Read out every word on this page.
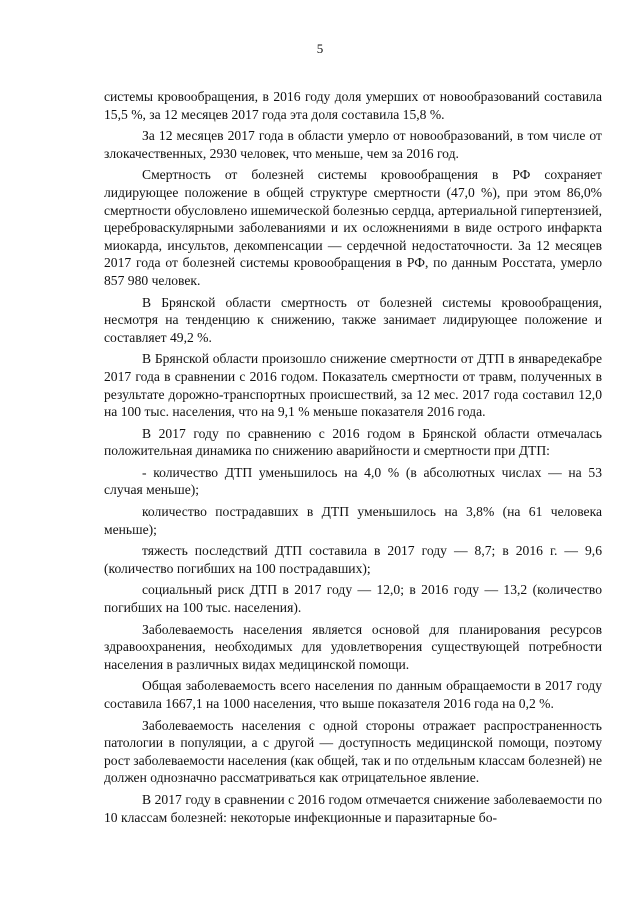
5

системы кровообращения, в 2016 году доля умерших от новообразований составила 15,5 %, за 12 месяцев 2017 года эта доля составила 15,8 %.

За 12 месяцев 2017 года в области умерло от новообразований, в том числе от злокачественных, 2930 человек, что меньше, чем за 2016 год.

Смертность от болезней системы кровообращения в РФ сохраняет лидирующее положение в общей структуре смертности (47,0 %), при этом 86,0% смертности обусловлено ишемической болезнью сердца, артериальной гипертензией, цереброваскулярными заболеваниями и их осложнениями в виде острого инфаркта миокарда, инсультов, декомпенсации — сердечной недостаточности. За 12 месяцев 2017 года от болезней системы кровообращения в РФ, по данным Росстата, умерло 857 980 человек.

В Брянской области смертность от болезней системы кровообращения, несмотря на тенденцию к снижению, также занимает лидирующее положение и составляет 49,2 %.

В Брянской области произошло снижение смертности от ДТП в январедекабре 2017 года в сравнении с 2016 годом. Показатель смертности от травм, полученных в результате дорожно-транспортных происшествий, за 12 мес. 2017 года составил 12,0 на 100 тыс. населения, что на 9,1 % меньше показателя 2016 года.

В 2017 году по сравнению с 2016 годом в Брянской области отмечалась положительная динамика по снижению аварийности и смертности при ДТП:

- количество ДТП уменьшилось на 4,0 % (в абсолютных числах — на 53 случая меньше);

количество пострадавших в ДТП уменьшилось на 3,8% (на 61 человека меньше);

тяжесть последствий ДТП составила в 2017 году — 8,7; в 2016 г. — 9,6 (количество погибших на 100 пострадавших);

социальный риск ДТП в 2017 году — 12,0; в 2016 году — 13,2 (количество погибших на 100 тыс. населения).

Заболеваемость населения является основой для планирования ресурсов здравоохранения, необходимых для удовлетворения существующей потребности населения в различных видах медицинской помощи.

Общая заболеваемость всего населения по данным обращаемости в 2017 году составила 1667,1 на 1000 населения, что выше показателя 2016 года на 0,2 %.

Заболеваемость населения с одной стороны отражает распространенность патологии в популяции, а с другой — доступность медицинской помощи, поэтому рост заболеваемости населения (как общей, так и по отдельным классам болезней) не должен однозначно рассматриваться как отрицательное явление.

В 2017 году в сравнении с 2016 годом отмечается снижение заболеваемости по 10 классам болезней: некоторые инфекционные и паразитарные бо-
